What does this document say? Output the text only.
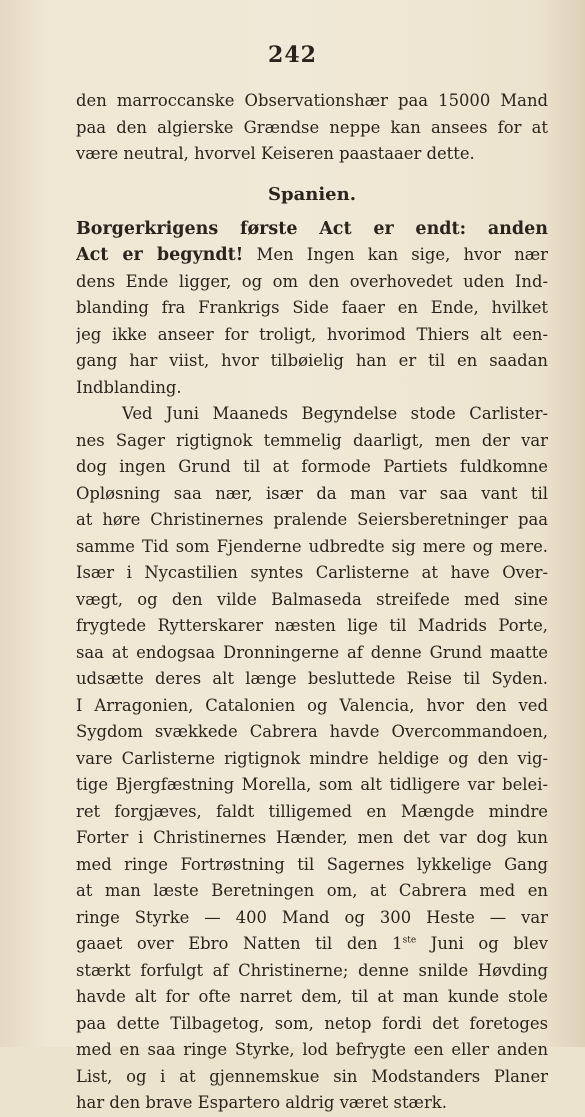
242
den marroccanske Observationshær paa 15000 Mand
paa den algierske Grændse neppe kan ansees for at
være neutral, hvorvel Keiseren paastaaer dette.
Spanien.
Borgerkrigens første Act er endt: anden
Act er begyndt! Men Ingen kan sige, hvor nær
dens Ende ligger, og om den overhovedet uden Ind-
blanding fra Frankrigs Side faaer en Ende, hvilket
jeg ikke anseer for troligt, hvorimod Thiers alt een-
gang har viist, hvor tilbøielig han er til en saadan
Indblanding.
Ved Juni Maaneds Begyndelse stode Carlister-
nes Sager rigtignok temmelig daarligt, men der var
dog ingen Grund til at formode Partiets fuldkomne
Opløsning saa nær, især da man var saa vant til
at høre Christinernes pralende Seiersberetninger paa
samme Tid som Fjenderne udbredte sig mere og mere.
Især i Nycastilien syntes Carlisterne at have Over-
vægt, og den vilde Balmaseda streifede med sine
frygtede Rytterskarer næsten lige til Madrids Porte,
saa at endogsaa Dronningerne af denne Grund maatte
udsætte deres alt længe besluttede Reise til Syden.
I Arragonien, Catalonien og Valencia, hvor den ved
Sygdom svækkede Cabrera havde Overcommandoen,
vare Carlisterne rigtignok mindre heldige og den vig-
tige Bjergfæstning Morella, som alt tidligere var belei-
ret forgjæves, faldt tilligemed en Mængde mindre
Forter i Christinernes Hænder, men det var dog kun
med ringe Fortrøstning til Sagernes lykkelige Gang
at man læste Beretningen om, at Cabrera med en
ringe Styrke — 400 Mand og 300 Heste — var
gaaet over Ebro Natten til den 1ste Juni og blev
stærkt forfulgt af Christinerne; denne snilde Høvding
havde alt for ofte narret dem, til at man kunde stole
paa dette Tilbagetog, som, netop fordi det foretoges
med en saa ringe Styrke, lod befrygte een eller anden
List, og i at gjennemskue sin Modstanders Planer
har den brave Espartero aldrig været stærk.
